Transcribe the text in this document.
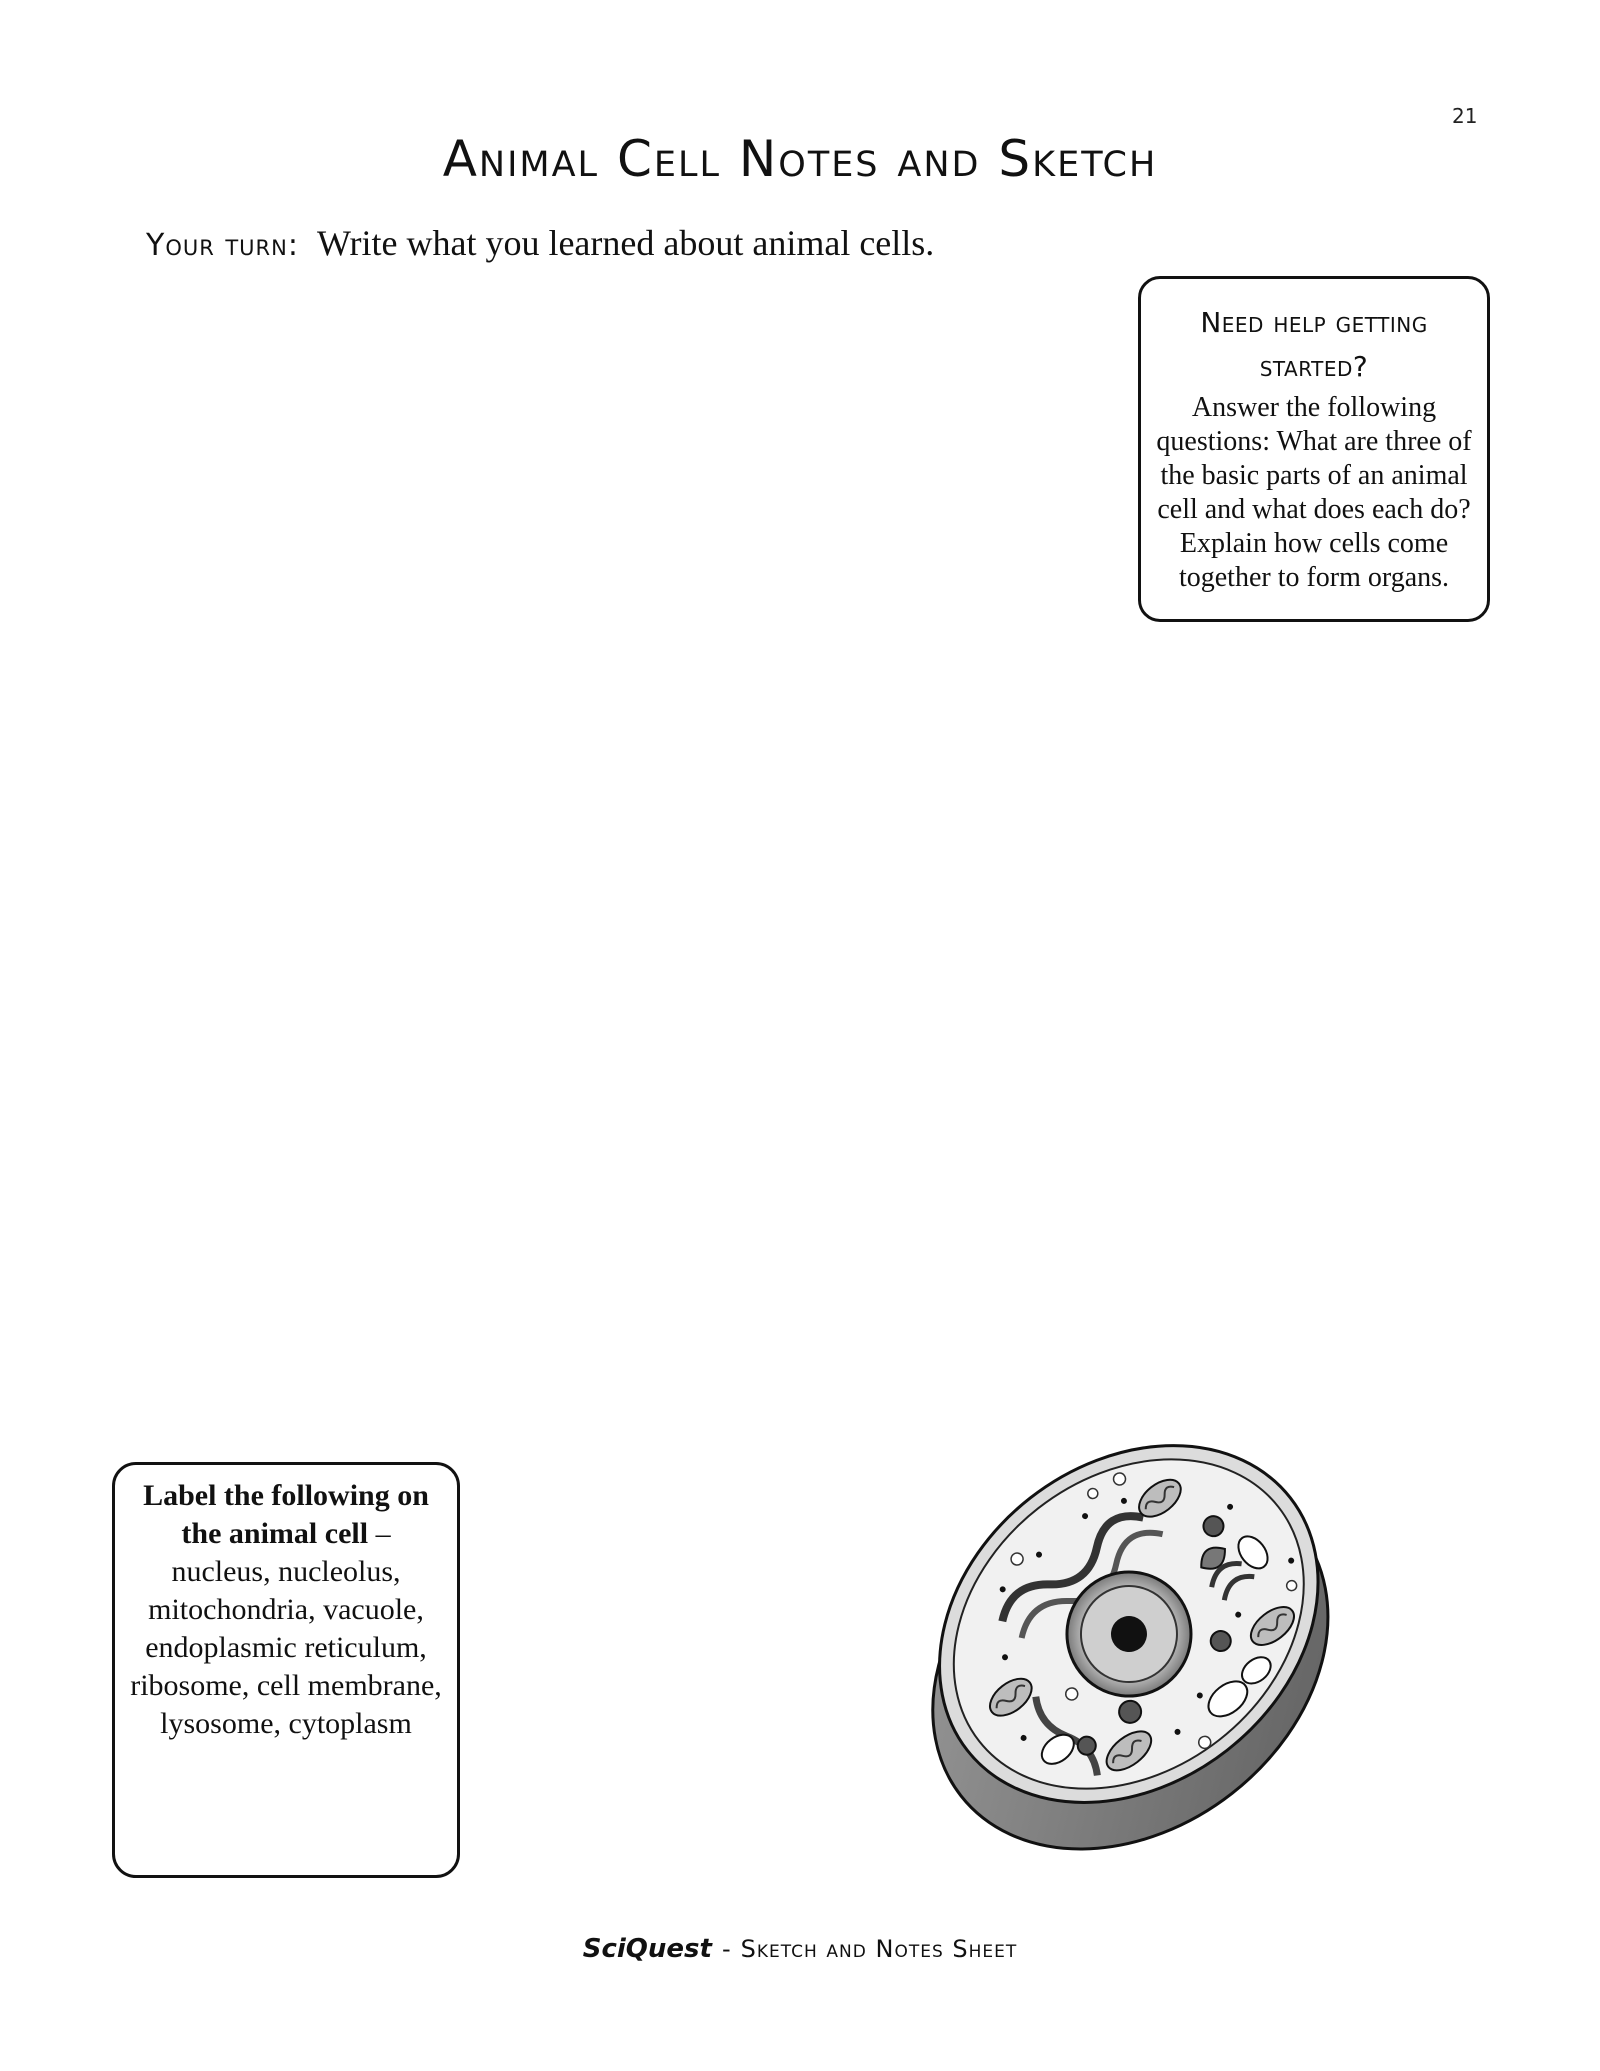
21
Animal Cell Notes and Sketch
Your turn: Write what you learned about animal cells.
Need help getting started?
Answer the following questions: What are three of the basic parts of an animal cell and what does each do? Explain how cells come together to form organs.
Label the following on the animal cell –
nucleus, nucleolus, mitochondria, vacuole, endoplasmic reticulum, ribosome, cell membrane, lysosome, cytoplasm
SciQuest - Sketch and Notes Sheet
